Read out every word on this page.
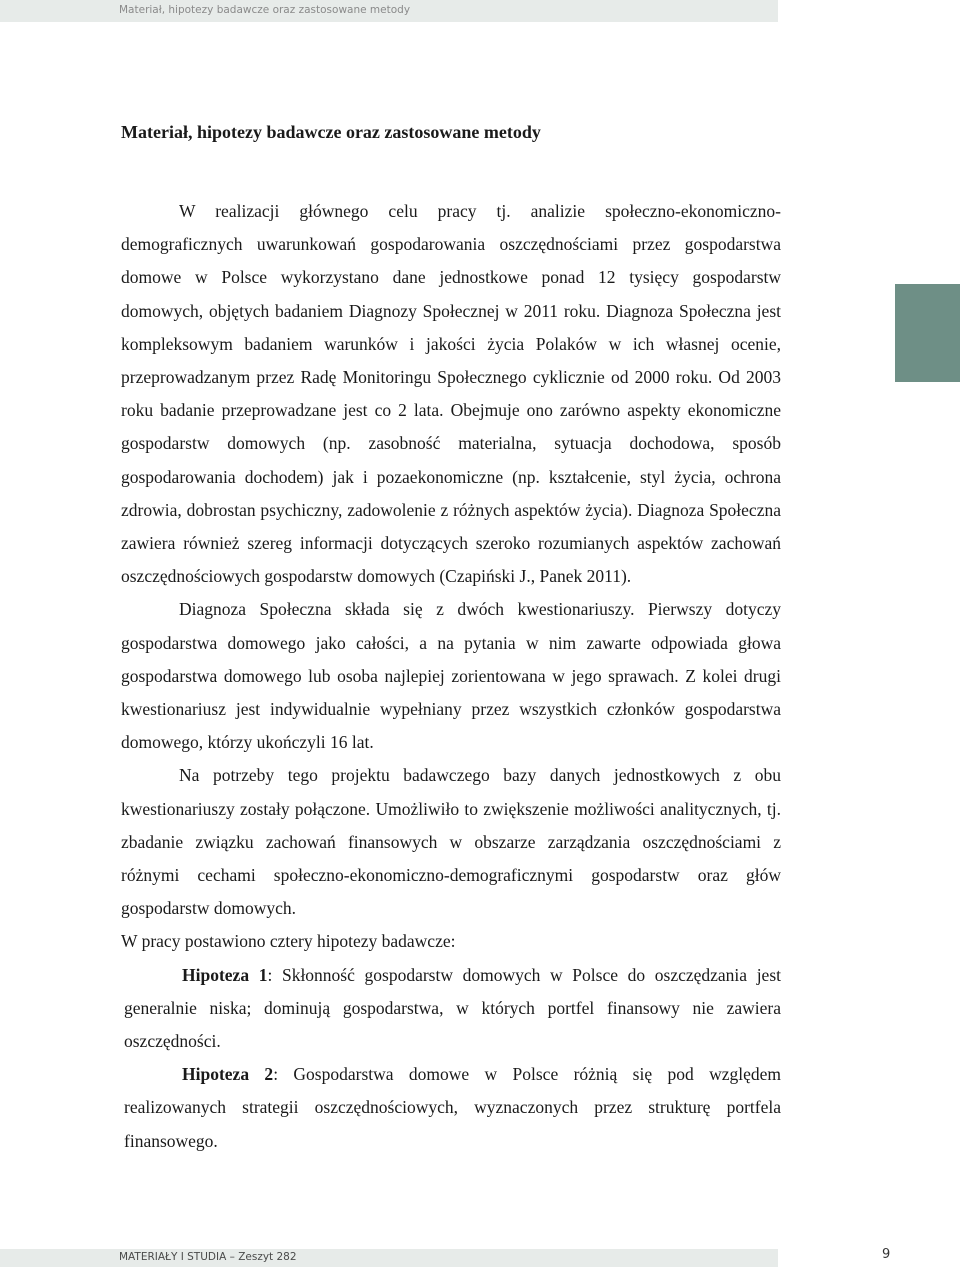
Materiał, hipotezy badawcze oraz zastosowane metody
Materiał, hipotezy badawcze oraz zastosowane metody

W realizacji głównego celu pracy tj. analizie społeczno-ekonomiczno-demograficznych uwarunkowań gospodarowania oszczędnościami przez gospodarstwa domowe w Polsce wykorzystano dane jednostkowe ponad 12 tysięcy gospodarstw domowych, objętych badaniem Diagnozy Społecznej w 2011 roku. Diagnoza Społeczna jest kompleksowym badaniem warunków i jakości życia Polaków w ich własnej ocenie, przeprowadzanym przez Radę Monitoringu Społecznego cyklicznie od 2000 roku. Od 2003 roku badanie przeprowadzane jest co 2 lata. Obejmuje ono zarówno aspekty ekonomiczne gospodarstw domowych (np. zasobność materialna, sytuacja dochodowa, sposób gospodarowania dochodem) jak i pozaekonomiczne (np. kształcenie, styl życia, ochrona zdrowia, dobrostan psychiczny, zadowolenie z różnych aspektów życia). Diagnoza Społeczna zawiera również szereg informacji dotyczących szeroko rozumianych aspektów zachowań oszczędnościowych gospodarstw domowych (Czapiński J., Panek 2011).

Diagnoza Społeczna składa się z dwóch kwestionariuszy. Pierwszy dotyczy gospodarstwa domowego jako całości, a na pytania w nim zawarte odpowiada głowa gospodarstwa domowego lub osoba najlepiej zorientowana w jego sprawach. Z kolei drugi kwestionariusz jest indywidualnie wypełniany przez wszystkich członków gospodarstwa domowego, którzy ukończyli 16 lat.

Na potrzeby tego projektu badawczego bazy danych jednostkowych z obu kwestionariuszy zostały połączone. Umożliwiło to zwiększenie możliwości analitycznych, tj. zbadanie związku zachowań finansowych w obszarze zarządzania oszczędnościami z różnymi cechami społeczno-ekonomiczno-demograficznymi gospodarstw oraz głów gospodarstw domowych.

W pracy postawiono cztery hipotezy badawcze:

Hipoteza 1: Skłonność gospodarstw domowych w Polsce do oszczędzania jest generalnie niska; dominują gospodarstwa, w których portfel finansowy nie zawiera oszczędności.

Hipoteza 2: Gospodarstwa domowe w Polsce różnią się pod względem realizowanych strategii oszczędnościowych, wyznaczonych przez strukturę portfela finansowego.

MATERIAŁY I STUDIA – Zeszyt 282	9
